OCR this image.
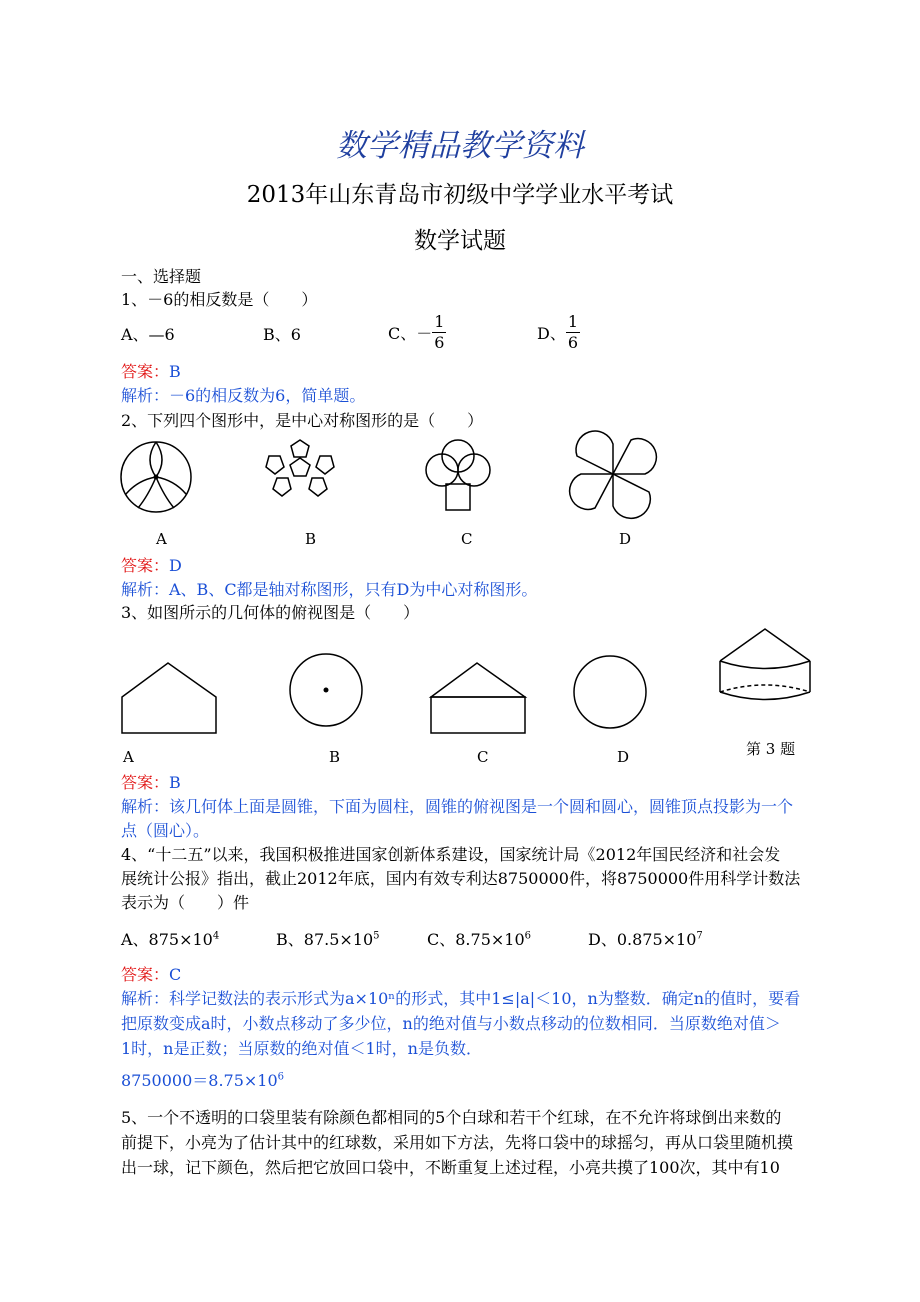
数学精品教学资料
2013年山东青岛市初级中学学业水平考试
数学试题
一、选择题
1、－6的相反数是（　　）
A、—6	B、6	C、－ $\frac{1}{6}$	D、 $\frac{1}{6}$
答案：B
解析：－6的相反数为6，简单题。
2、下列四个图形中，是中心对称图形的是（　　）
A	B	C	D
答案：D
解析：A、B、C都是轴对称图形，只有D为中心对称图形。
3、如图所示的几何体的俯视图是（　　）
A	B	C	D	第 3 题
答案：B
解析：该几何体上面是圆锥，下面为圆柱，圆锥的俯视图是一个圆和圆心，圆锥顶点投影为一个
点（圆心）。
4、“十二五”以来，我国积极推进国家创新体系建设，国家统计局《2012年国民经济和社会发
展统计公报》指出，截止2012年底，国内有效专利达8750000件，将8750000件用科学计数法
表示为（　　）件
A、$875\times 10^4$	B、$87.5\times 10^5$	C、$8.75\times 10^6$	D、$0.875\times 10^7$
答案：C
解析：科学记数法的表示形式为a×10ⁿ的形式，其中1≤|a|＜10，n为整数．确定n的值时，要看
把原数变成a时，小数点移动了多少位，n的绝对值与小数点移动的位数相同．当原数绝对值＞
1时，n是正数；当原数的绝对值＜1时，n是负数．
$8750000=8.75\times 10^6$
5、一个不透明的口袋里装有除颜色都相同的5个白球和若干个红球，在不允许将球倒出来数的
前提下，小亮为了估计其中的红球数，采用如下方法，先将口袋中的球摇匀，再从口袋里随机摸
出一球，记下颜色，然后把它放回口袋中，不断重复上述过程，小亮共摸了100次，其中有10
